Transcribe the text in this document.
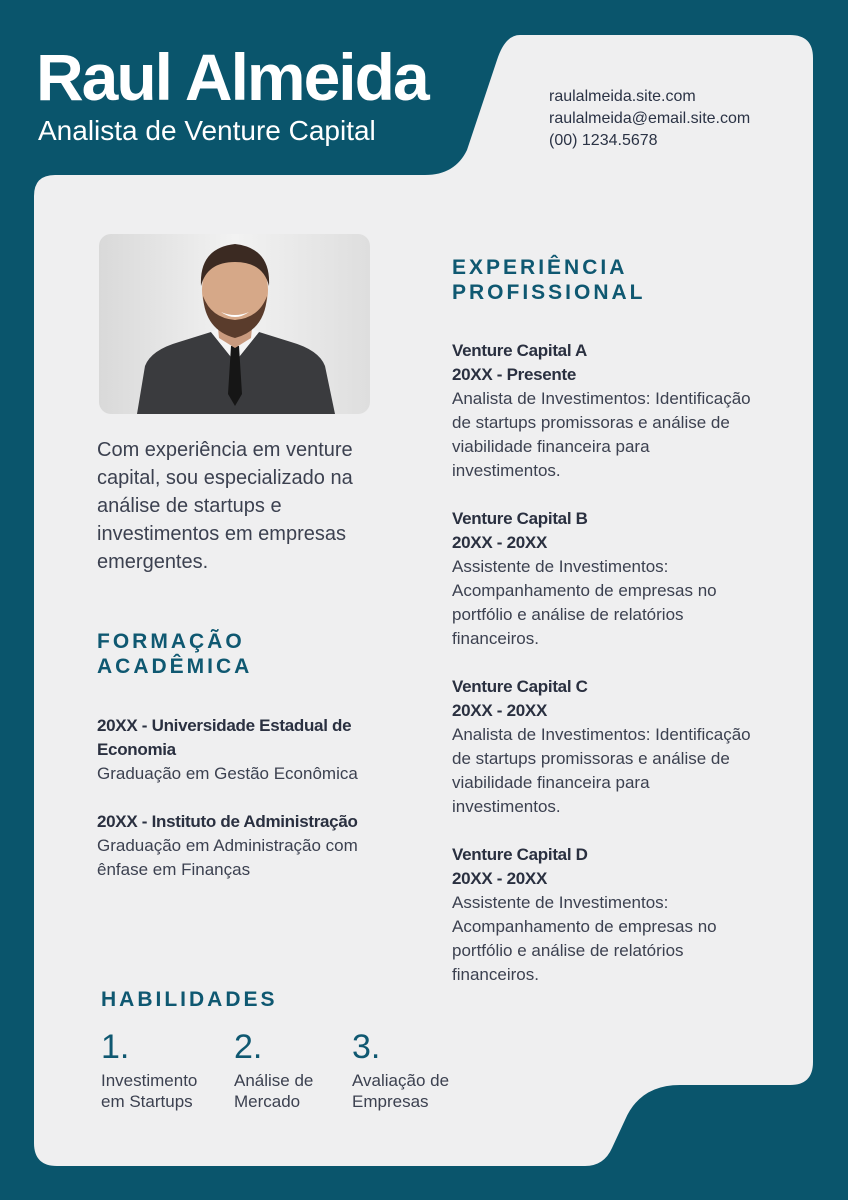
Raul Almeida
Analista de Venture Capital
raulalmeida.site.com
raulalmeida@email.site.com
(00) 1234.5678

Com experiência em venture capital, sou especializado na análise de startups e investimentos em empresas emergentes.

FORMAÇÃO ACADÊMICA
20XX - Universidade Estadual de Economia
Graduação em Gestão Econômica
20XX - Instituto de Administração
Graduação em Administração com ênfase em Finanças
EXPERIÊNCIA PROFISSIONAL
Venture Capital A
20XX - Presente
Analista de Investimentos: Identificação de startups promissoras e análise de viabilidade financeira para investimentos.
Venture Capital B
20XX - 20XX
Assistente de Investimentos: Acompanhamento de empresas no portfólio e análise de relatórios financeiros.
Venture Capital C
20XX - 20XX
Analista de Investimentos: Identificação de startups promissoras e análise de viabilidade financeira para investimentos.
Venture Capital D
20XX - 20XX
Assistente de Investimentos: Acompanhamento de empresas no portfólio e análise de relatórios financeiros.
HABILIDADES
1.
Investimento em Startups
2.
Análise de Mercado
3.
Avaliação de Empresas
